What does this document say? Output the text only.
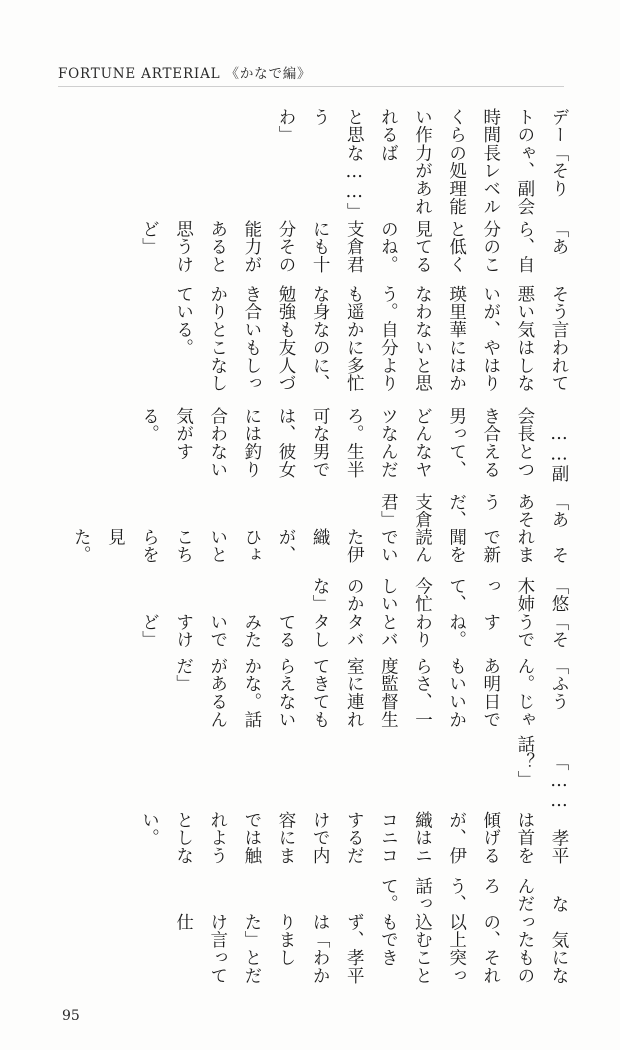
FORTUNE ARTERIAL 《かなで編》

デートの時間くらい作れると思うわ」

「そりゃ、副会長レベルの処理能力があればな……」

「あら、自分のこと低く見てるのね。支倉君にも十分その能力があると思うけど」

そう言われて悪い気はしないが、やはり瑛里華にはかなわないと思う。自分よりも遥かに多忙な身なのに、勉強も友人づき合いもしっかりとこなしている。

……副会長とつき合える男って、どんなヤツなんだろ。生半可な男では、彼女には釣り合わない気がする。

「ああそうだ、支倉君」

それまで新聞を読んでいた伊織が、ひょいとこちらを見た。

「悠木姉って、今忙しいのかな」

「そうですね。わりとバタバタしてるみたいですけど」

「ふうん。じゃあ明日でもいいからさ、一度監督生室に連れてきてもらえないかな。話があるんだ」

「……話？」

孝平は首を傾げるが、伊織はニコニコするだけで内容にまでは触れようとしない。

なんだろう、話って。

気になったものの、それ以上突っ込むこともできず、孝平は「わかりました」とだけ言って仕

95
